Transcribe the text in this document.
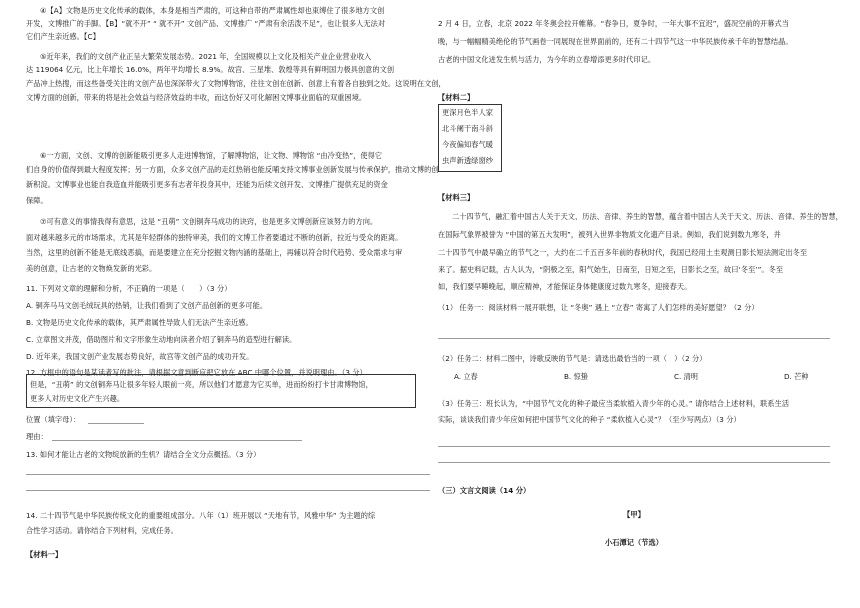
④【A】文物是历史文化传承的载体，本身是相当严肃的，可这种自带的严肃属性却也束缚住了很多地方文创
开发，文博推广的手脚。【B】“就不开” “ 就不开” 文创产品、文博推广 “严肃有余活泼不足”，也让很多人无法对
它们产生亲近感。【C】
⑤近年来，我们的文创产业正呈大繁荣发展态势。2021 年，全国规模以上文化及相关产业企业营业收入
达 119064 亿元，比上年增长 16.0%，两年平均增长 8.9%。故宫、三星堆、敦煌等具有鲜明国力极具创意的文创
产品冲上热搜，而这些备受关注的文创产品也深深带火了文物博物馆，往往文创在创新、创意上有着各自独到之处。这说明在文创，
文博方面的创新，带来的将是社会效益与经济效益的丰收，而这份好又可化解困文博事业面临的双重困境。
⑥一方面，文创、文博的创新能吸引更多人走进博物馆，了解博物馆，让文物、博物馆 “由冷变热”，使得它
们自身的价值得到最大程度发挥；另一方面，众多文创产品的走红热销也能反哺支持文博事业创新发展与传承保护，推动文博的创
新积淀。文博事业也能自我造血并能吸引更多有志者年投身其中，还能为后续文创开发、文博推广提供充足的资金
保障。
⑦可有意义的事情我得有意思，这是 “丑萌” 文创铜奔马成功的诀窍，也是更多文博创新应该努力的方向。
面对越来越多元的市场需求，尤其是年轻群体的独特审美，我们的文博工作者要通过不断的创新，拉近与受众的距离。
当然，这里的创新不能是无底线恶搞，而是要建立在充分挖掘文物内涵的基础上，再辅以符合时代趋势、受众需求与审
美的创意，让古老的文物焕发新的光彩。
11. 下列对文章的理解和分析，不正确的一项是（　　）（3 分）
A. 铜奔马马文创毛绒玩具的热销，让我们看到了文创产品创新的更多可能。
B. 文物是历史文化传承的载体，其严肃属性导致人们无法产生亲近感。
C. 立章图文并茂，借助图片和文字形象生动地向读者介绍了铜奔马的造型进行解读。
D. 近年来，我国文创产业发展态势良好，故宫等文创产品的成功开发。
12. 方框中的语句是某读者写的批注，请根据文意判断应把它放在 ABC 中哪个位置，并说明理由。（3 分）
但是，“丑萌” 的文创铜奔马让很多年轻人眼前一亮，所以他们才愿意为它买单，进而纷纷打卡甘肃博物馆，
更多人对历史文化产生兴趣。
位置（填字母）：
理由：
13. 如何才能让古老的文物绽放新的生机？请结合全文分点概括。（3 分）
14. 二十四节气是中华民族传统文化的重要组成部分。八年（1）班开展以 “天地有节，风雅中华” 为主题的综
合性学习活动。请你结合下列材料，完成任务。
【材料一】
2 月 4 日，立春，北京 2022 年冬奥会拉开帷幕。“春争日，夏争时，一年大事不宜迟”，盛况空前的开幕式当
晚，与一幅幅精美绝伦的节气画卷一同展现在世界面前的，还有二十四节气这一中华民族传承千年的智慧结晶。
古老的中国文化迸发生机与活力，为今年的立春增添更多时代印记。
【材料二】
更深月色半人家
北斗阑干南斗斜
今夜偏知春气暖
虫声新透绿窗纱
【材料三】
二十四节气，融汇着中国古人关于天文、历法、音律、养生的智慧，蕴含着中国古人关于天文、历法、音律、养生的智慧，
在国际气象界被誉为 “中国的第五大发明”，被列入世界非物质文化遗产目录。例如，我们说到数九寒冬，并
二十四节气中最早确立的节气之一，大约在二千五百多年前的春秋时代，我国已经用土圭观测日影长短法测定出冬至
来了。据史料记载，古人认为，“阴极之至，阳气始生，日南至，日短之至，日影长之至，故曰‘冬至’”。冬至
如，我们要早睡晚起，顺应精神，才能保证身体健康度过数九寒冬，迎接春天。
（1） 任务一：阅读材料一展开联想，让 “冬奥” 遇上 “立春” 寄寓了人们怎样的美好愿望？（2 分）
（2）任务二：材料二图中，诗歌反映的节气是：请选出最恰当的一项（　）（2 分）
A. 立春	B. 惊蛰	C. 清明	D. 芒种
（3）任务三：班长认为，“中国节气文化的种子最应当柔软植入青少年的心灵。” 请你结合上述材料，联系生活
实际，谈谈我们青少年应如何把中国节气文化的种子 “柔软植入心灵”？（至少写两点）（3 分）
（三）文言文阅读（14 分）
【甲】
小石潭记（节选）
